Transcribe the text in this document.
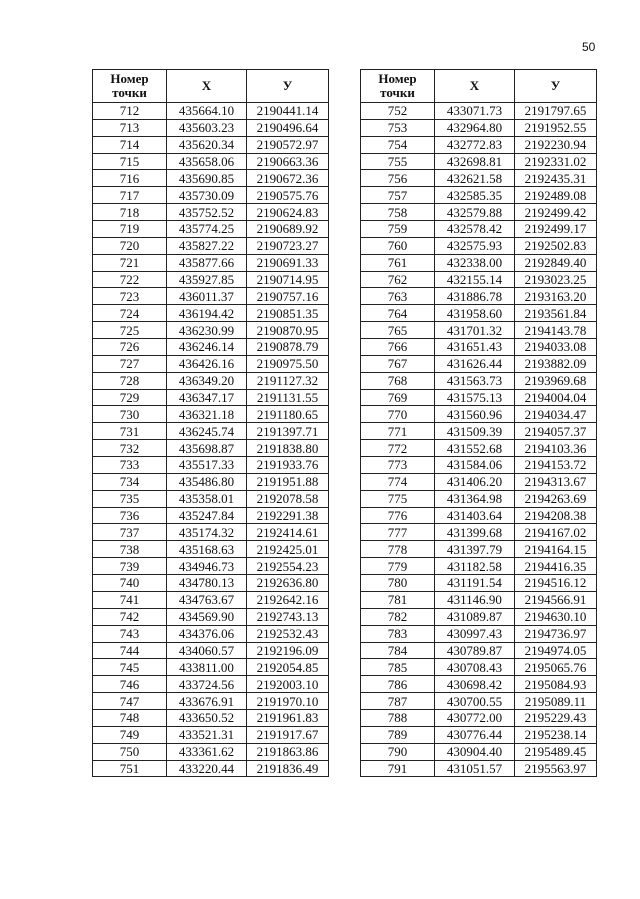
50
Номер точки	X	У
712	435664.10	2190441.14
713	435603.23	2190496.64
714	435620.34	2190572.97
715	435658.06	2190663.36
716	435690.85	2190672.36
717	435730.09	2190575.76
718	435752.52	2190624.83
719	435774.25	2190689.92
720	435827.22	2190723.27
721	435877.66	2190691.33
722	435927.85	2190714.95
723	436011.37	2190757.16
724	436194.42	2190851.35
725	436230.99	2190870.95
726	436246.14	2190878.79
727	436426.16	2190975.50
728	436349.20	2191127.32
729	436347.17	2191131.55
730	436321.18	2191180.65
731	436245.74	2191397.71
732	435698.87	2191838.80
733	435517.33	2191933.76
734	435486.80	2191951.88
735	435358.01	2192078.58
736	435247.84	2192291.38
737	435174.32	2192414.61
738	435168.63	2192425.01
739	434946.73	2192554.23
740	434780.13	2192636.80
741	434763.67	2192642.16
742	434569.90	2192743.13
743	434376.06	2192532.43
744	434060.57	2192196.09
745	433811.00	2192054.85
746	433724.56	2192003.10
747	433676.91	2191970.10
748	433650.52	2191961.83
749	433521.31	2191917.67
750	433361.62	2191863.86
751	433220.44	2191836.49
Номер точки	X	У
752	433071.73	2191797.65
753	432964.80	2191952.55
754	432772.83	2192230.94
755	432698.81	2192331.02
756	432621.58	2192435.31
757	432585.35	2192489.08
758	432579.88	2192499.42
759	432578.42	2192499.17
760	432575.93	2192502.83
761	432338.00	2192849.40
762	432155.14	2193023.25
763	431886.78	2193163.20
764	431958.60	2193561.84
765	431701.32	2194143.78
766	431651.43	2194033.08
767	431626.44	2193882.09
768	431563.73	2193969.68
769	431575.13	2194004.04
770	431560.96	2194034.47
771	431509.39	2194057.37
772	431552.68	2194103.36
773	431584.06	2194153.72
774	431406.20	2194313.67
775	431364.98	2194263.69
776	431403.64	2194208.38
777	431399.68	2194167.02
778	431397.79	2194164.15
779	431182.58	2194416.35
780	431191.54	2194516.12
781	431146.90	2194566.91
782	431089.87	2194630.10
783	430997.43	2194736.97
784	430789.87	2194974.05
785	430708.43	2195065.76
786	430698.42	2195084.93
787	430700.55	2195089.11
788	430772.00	2195229.43
789	430776.44	2195238.14
790	430904.40	2195489.45
791	431051.57	2195563.97
